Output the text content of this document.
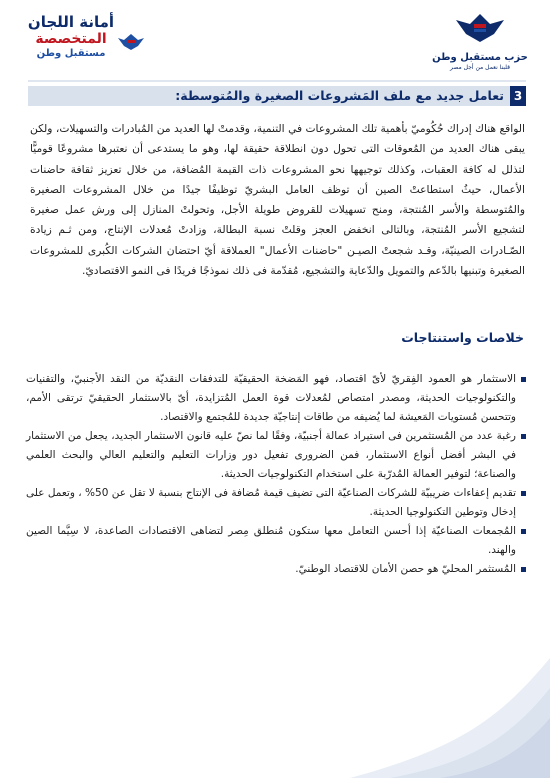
أمانة اللجان
المتخصصة
مستقبل وطن	حزب مستقبل وطن
قلبنا نعمل من أجل مصر
3
تعامل جديد مع ملف المَشروعات الصغيرة والمُتوسطة:
الواقع هناك إدراك حُكُوميّ بأهمية تلك المشروعات في التنمية، وقدمتْ لها العديد من المُبادرات والتسهيلات، ولكن يبقى هناك العديد من المُعوقات التى تحول دون انطلاقة حقيقة لها، وهو ما يستدعى أن نعتبرها مشروعًا قوميًّا لتذلل له كافة العقبات، وكذلك توجيهها نحو المشروعات ذات القيمة المُضافة، من خلال تعزيز ثقافة حاضنات الأعمال، حيثُ استطاعتْ الصين أن توظف العامل البشريّ توظيفًا جيدًا من خلال المشروعات الصغيرة والمُتوسطة والأسر المُنتجة، ومنح تسهيلات للقروض طويلة الأجل، وتحولتْ المنازل إلى ورش عمل صغيرة لتشجيع الأسر المُنتجة، وبالتالى انخفض العجز وقلتْ نسبة البطالة، وزادتْ مُعدلات الإنتاج، ومن ثـم زيادة الصّـادرات الصينيّة، وقـد شجعتْ الصيـن "حاضنات الأعمال" العملاقة أيّ احتضان الشركات الكُبرى للمشروعات الصغيرة وتبنيها بالدّعم والتمويل والدّعاية والتشجيع، مُقدّمة فى ذلك نموذجًا فريدًا فى النمو الاقتصاديّ.
خلاصات واستنتاجات
الاستثمار هو العمود الفِقريّ لأىّ اقتصاد، فهو المَضخة الحقيقيّة للتدفقات النقديّة من النقد الأجنبيّ، والتقنيات والتكنولوجيات الحديثة، ومصدر امتصاص لمُعدلات قوة العمل المُتزايدة، أىّ بالاستثمار الحقيقيّ ترتقى الأمم، وتتحسن مُستويات المَعيشة لما يُضيفه من طاقات إنتاجيّة جديدة للمُجتمع والاقتصاد.
رغبة عدد من المُستثمرين فى استيراد عمالة أجنبيّة، وفقًا لما نصّ عليه قانون الاستثمار الجديد، يجعل من الاستثمار في البشر أفضل أنواع الاستثمار، فمن الضرورى تفعيل دور وزارات التعليم والتعليم العالي والبحث العلمي والصناعة؛ لتوفير العمالة المُدرّبة على استخدام التكنولوجيات الحديثة.
تقديم إعفاءات ضريبيّة للشركات الصناعيّة التى تضيف قيمة مُضافة فى الإنتاج بنسبة لا تقل عن 50% ، وتعمل على إدخال وتوطين التكنولوجيا الحديثة.
المُجمعات الصناعيّة إذا أحسن التعامل معها ستكون مُنطلق مِصر لتضاهى الاقتصادات الصاعدة، لا سِيَّما الصين والهند.
المُستثمر المحليّ هو حصن الأمان للاقتصاد الوطنيّ.
